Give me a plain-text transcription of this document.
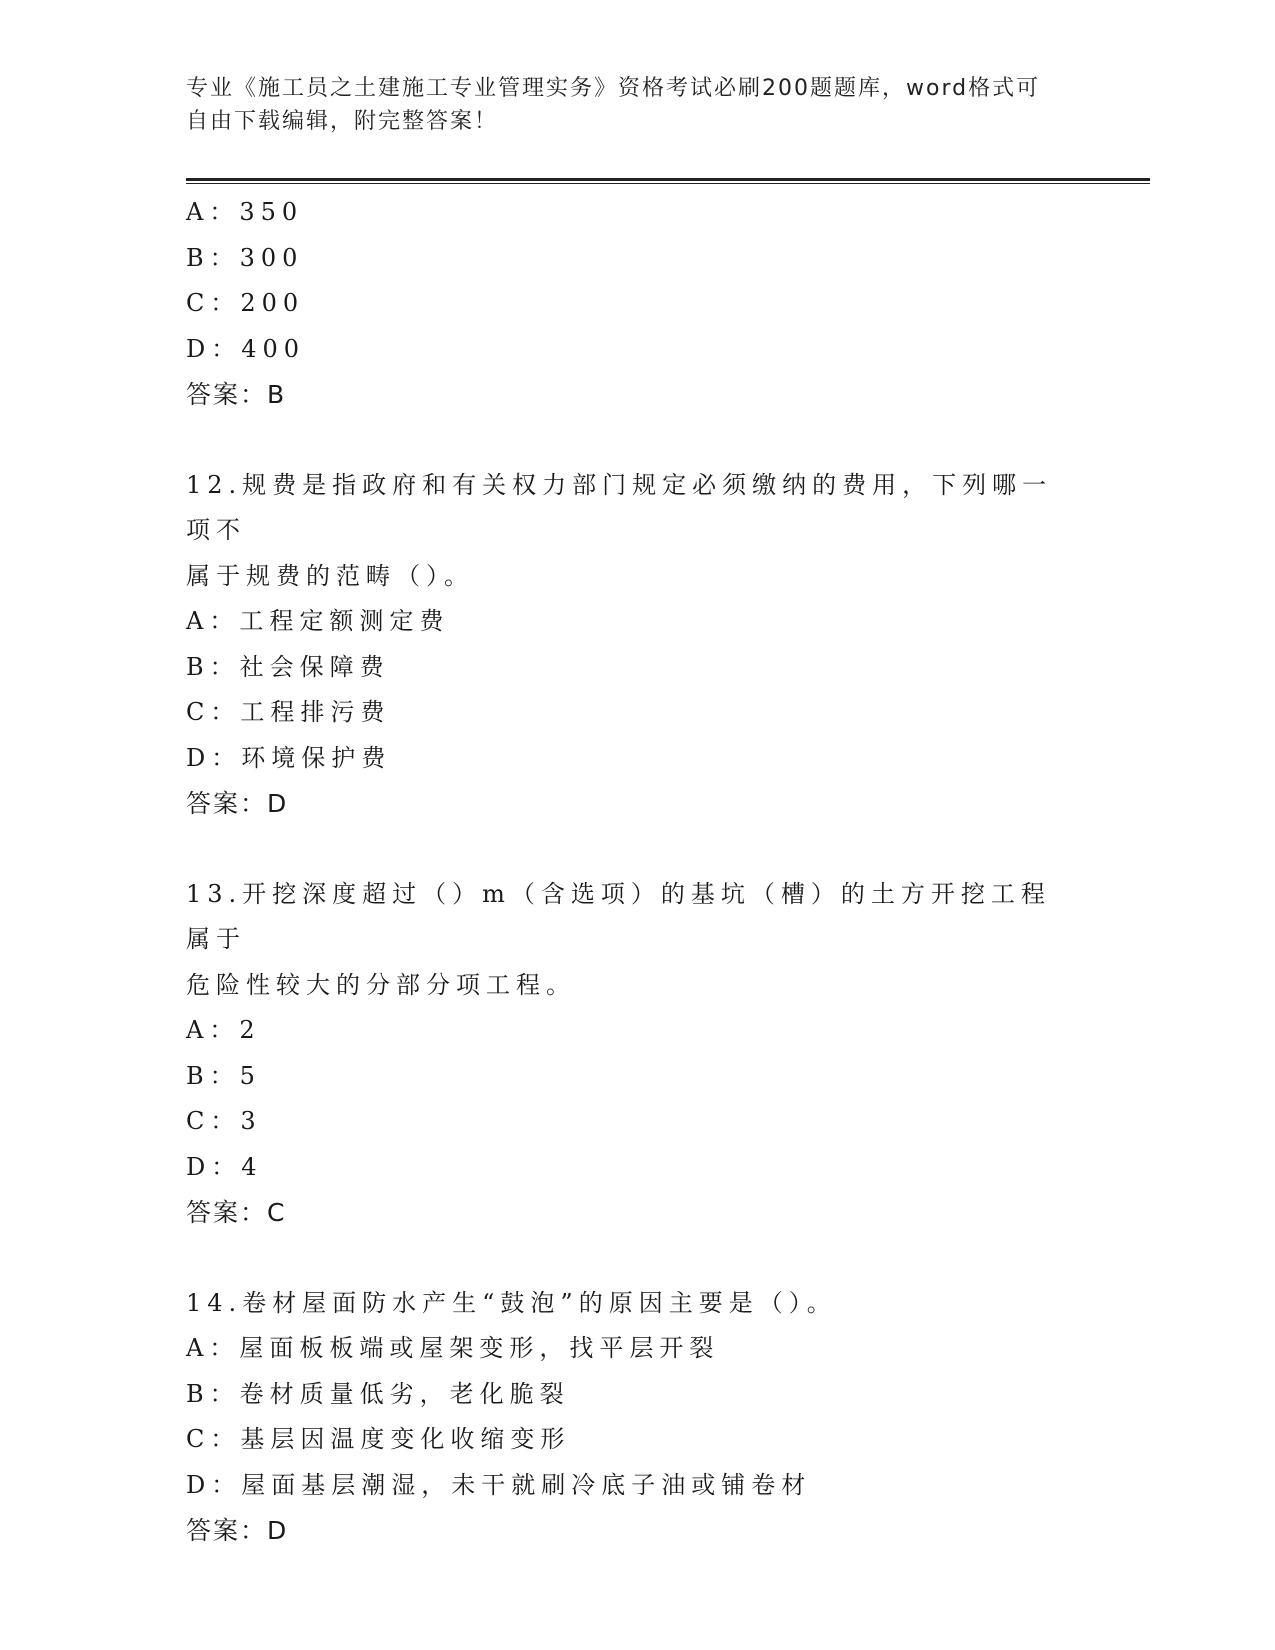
专业《施工员之土建施工专业管理实务》资格考试必刷200题题库，word格式可
自由下载编辑，附完整答案！
A：350
B：300
C：200
D：400
答案：B
12.规费是指政府和有关权力部门规定必须缴纳的费用，下列哪一项不
属于规费的范畴（）。
A：工程定额测定费
B：社会保障费
C：工程排污费
D：环境保护费
答案：D
13.开挖深度超过（）m（含选项）的基坑（槽）的土方开挖工程属于
危险性较大的分部分项工程。
A：2
B：5
C：3
D：4
答案：C
14.卷材屋面防水产生“鼓泡”的原因主要是（）。
A：屋面板板端或屋架变形，找平层开裂
B：卷材质量低劣，老化脆裂
C：基层因温度变化收缩变形
D：屋面基层潮湿，未干就刷冷底子油或铺卷材
答案：D
